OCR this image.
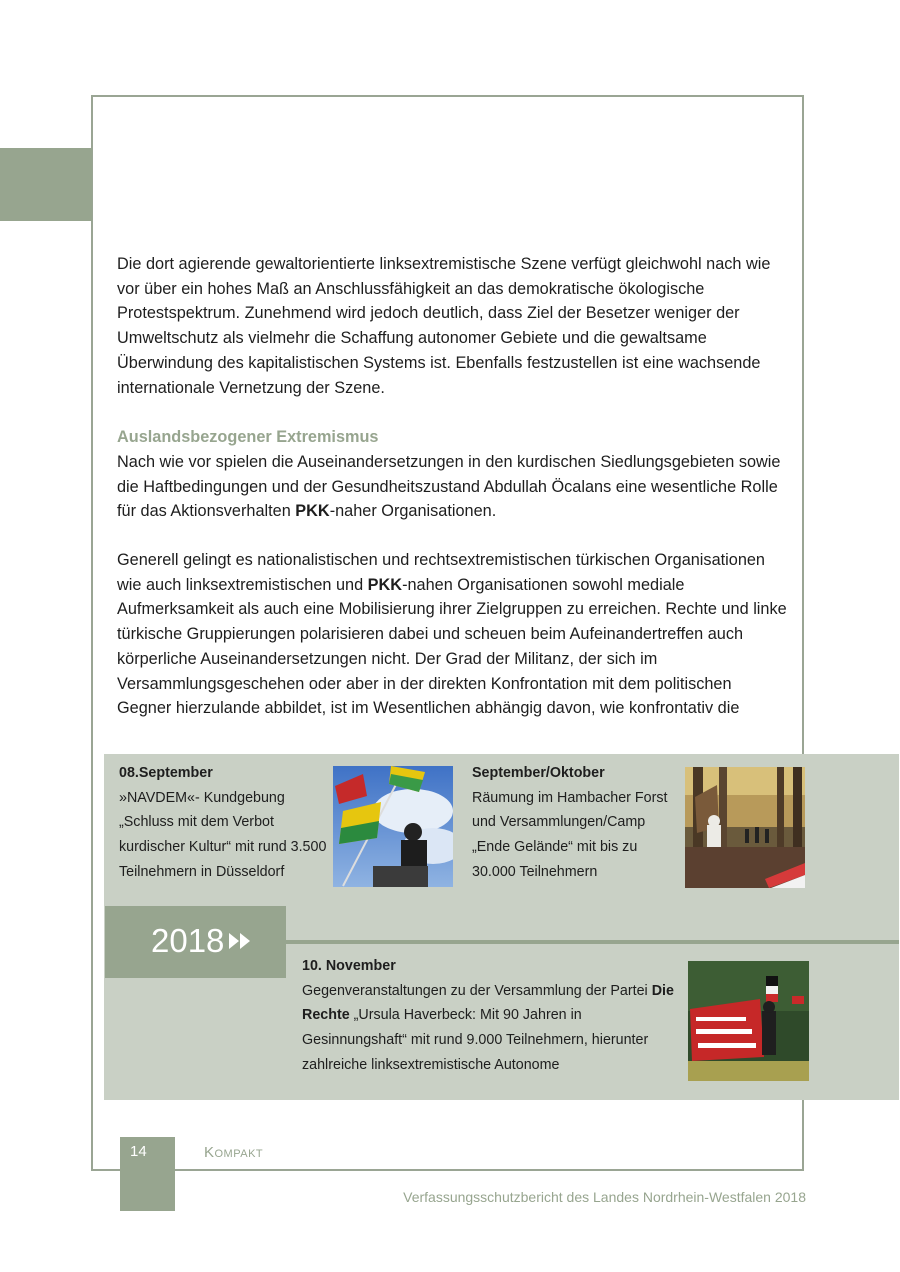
Die dort agierende gewaltorientierte linksextremistische Szene verfügt gleichwohl nach wie vor über ein hohes Maß an Anschlussfähigkeit an das demokratische ökologische Protestspektrum. Zunehmend wird jedoch deutlich, dass Ziel der Besetzer weniger der Umweltschutz als vielmehr die Schaffung autonomer Gebiete und die gewaltsame Überwindung des kapitalistischen Systems ist. Ebenfalls festzustellen ist eine wachsende internationale Vernetzung der Szene.

Auslandsbezogener Extremismus

Nach wie vor spielen die Auseinandersetzungen in den kurdischen Siedlungsgebieten sowie die Haftbedingungen und der Gesundheitszustand Abdullah Öcalans eine wesentliche Rolle für das Aktionsverhalten PKK-naher Organisationen.

Generell gelingt es nationalistischen und rechtsextremistischen türkischen Organisationen wie auch linksextremistischen und PKK-nahen Organisationen sowohl mediale Aufmerksamkeit als auch eine Mobilisierung ihrer Zielgruppen zu erreichen. Rechte und linke türkische Gruppierungen polarisieren dabei und scheuen beim Aufeinandertreffen auch körperliche Auseinandersetzungen nicht. Der Grad der Militanz, der sich im Versammlungsgeschehen oder aber in der direkten Konfrontation mit dem politischen Gegner hierzulande abbildet, ist im Wesentlichen abhängig davon, wie konfrontativ die

2018
08.September
»NAVDEM«- Kundgebung „Schluss mit dem Verbot kurdischer Kultur“ mit rund 3.500 Teilnehmern in Düsseldorf
September/Oktober
Räumung im Hambacher Forst und Versammlungen/Camp „Ende Gelände“ mit bis zu 30.000 Teilnehmern
10. November
Gegenveranstaltungen zu der Versammlung der Partei Die Rechte „Ursula Haverbeck: Mit 90 Jahren in Gesinnungshaft“ mit rund 9.000 Teilnehmern, hierunter zahlreiche linksextremistische Autonome
14	Kompakt
Verfassungsschutzbericht des Landes Nordrhein-Westfalen 2018
